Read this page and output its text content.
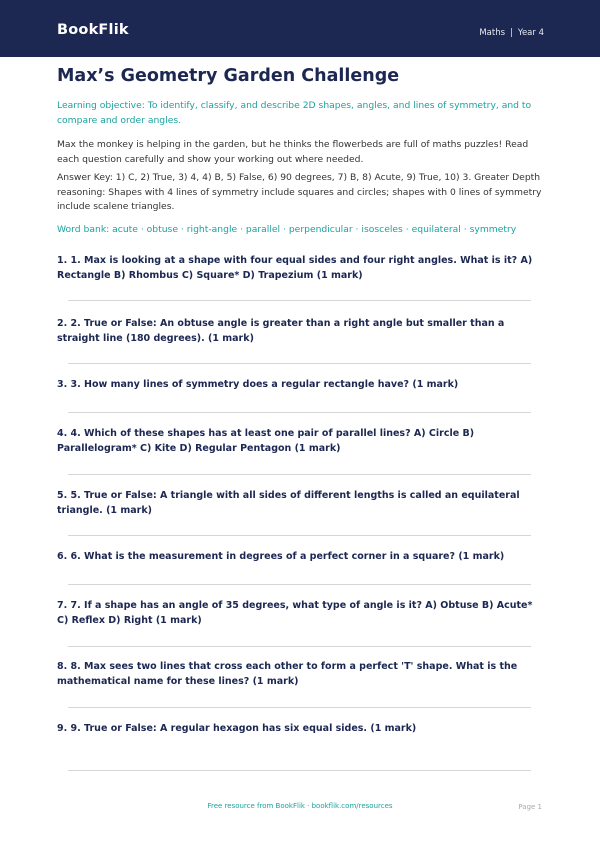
BookFlik	Maths | Year 4
Max’s Geometry Garden Challenge

Learning objective: To identify, classify, and describe 2D shapes, angles, and lines of symmetry, and to compare and order angles.

Max the monkey is helping in the garden, but he thinks the flowerbeds are full of maths puzzles! Read each question carefully and show your working out where needed.

Answer Key: 1) C, 2) True, 3) 4, 4) B, 5) False, 6) 90 degrees, 7) B, 8) Acute, 9) True, 10) 3. Greater Depth reasoning: Shapes with 4 lines of symmetry include squares and circles; shapes with 0 lines of symmetry include scalene triangles.

Word bank: acute · obtuse · right-angle · parallel · perpendicular · isosceles · equilateral · symmetry

1. 1. Max is looking at a shape with four equal sides and four right angles. What is it? A) Rectangle B) Rhombus C) Square* D) Trapezium (1 mark)

2. 2. True or False: An obtuse angle is greater than a right angle but smaller than a straight line (180 degrees). (1 mark)

3. 3. How many lines of symmetry does a regular rectangle have? (1 mark)

4. 4. Which of these shapes has at least one pair of parallel lines? A) Circle B) Parallelogram* C) Kite D) Regular Pentagon (1 mark)

5. 5. True or False: A triangle with all sides of different lengths is called an equilateral triangle. (1 mark)

6. 6. What is the measurement in degrees of a perfect corner in a square? (1 mark)

7. 7. If a shape has an angle of 35 degrees, what type of angle is it? A) Obtuse B) Acute* C) Reflex D) Right (1 mark)

8. 8. Max sees two lines that cross each other to form a perfect 'T' shape. What is the mathematical name for these lines? (1 mark)

9. 9. True or False: A regular hexagon has six equal sides. (1 mark)

Free resource from BookFlik · bookflik.com/resources	Page 1
